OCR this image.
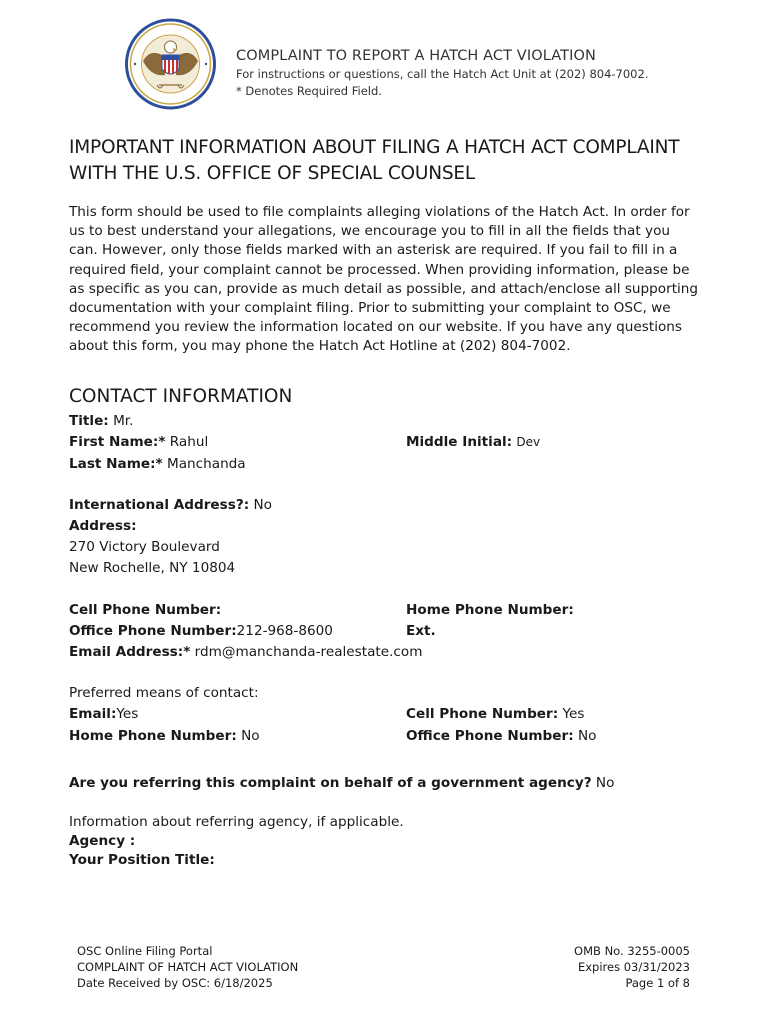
COMPLAINT TO REPORT A HATCH ACT VIOLATION
For instructions or questions, call the Hatch Act Unit at (202) 804-7002.
* Denotes Required Field.
IMPORTANT INFORMATION ABOUT FILING A HATCH ACT COMPLAINT
WITH THE U.S. OFFICE OF SPECIAL COUNSEL
This form should be used to file complaints alleging violations of the Hatch Act. In order for
us to best understand your allegations, we encourage you to fill in all the fields that you
can. However, only those fields marked with an asterisk are required. If you fail to fill in a
required field, your complaint cannot be processed. When providing information, please be
as specific as you can, provide as much detail as possible, and attach/enclose all supporting
documentation with your complaint filing. Prior to submitting your complaint to OSC, we
recommend you review the information located on our website. If you have any questions
about this form, you may phone the Hatch Act Hotline at (202) 804-7002.
CONTACT INFORMATION
Title: Mr.
First Name:* Rahul	Middle Initial: Dev
Last Name:* Manchanda
International Address?: No
Address:
270 Victory Boulevard
New Rochelle, NY 10804
Cell Phone Number:	Home Phone Number:
Office Phone Number:212-968-8600	Ext.
Email Address:* rdm@manchanda-realestate.com
Preferred means of contact:
Email:Yes	Cell Phone Number: Yes
Home Phone Number: No	Office Phone Number: No
Are you referring this complaint on behalf of a government agency? No
Information about referring agency, if applicable.
Agency :
Your Position Title:
OSC Online Filing Portal
COMPLAINT OF HATCH ACT VIOLATION
Date Received by OSC: 6/18/2025
OMB No. 3255-0005
Expires 03/31/2023
Page 1 of 8
